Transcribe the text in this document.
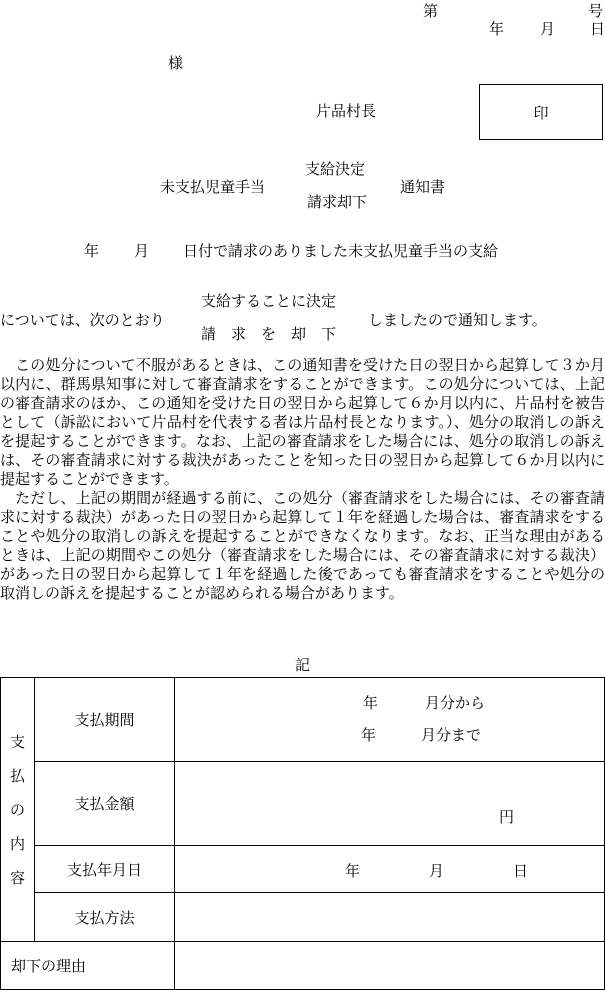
第	号
年 月 日
様
片品村長	印
未支払児童手当
支給決定
請求却下
通知書
年 月 日付で請求のありました未支払児童手当の支給
については、次のとおり
支給することに決定
請　求　を　却　下
しましたので通知します。

　この処分について不服があるときは、この通知書を受けた日の翌日から起算して３か月以内に、群馬県知事に対して審査請求をすることができます。この処分については、上記の審査請求のほか、この通知を受けた日の翌日から起算して６か月以内に、片品村を被告として（訴訟において片品村を代表する者は片品村長となります。）、処分の取消しの訴えを提起することができます。なお、上記の審査請求をした場合には、処分の取消しの訴えは、その審査請求に対する裁決があったことを知った日の翌日から起算して６か月以内に提起することができます。

　ただし、上記の期間が経過する前に、この処分（審査請求をした場合には、その審査請求に対する裁決）があった日の翌日から起算して１年を経過した場合は、審査請求をすることや処分の取消しの訴えを提起することができなくなります。なお、正当な理由があるときは、上記の期間やこの処分（審査請求をした場合には、その審査請求に対する裁決）があった日の翌日から起算して１年を経過した後であっても審査請求をすることや処分の取消しの訴えを提起することが認められる場合があります。

記
支
払
の
内
容	支払期間	年 月分から
年 月分まで

	支払金額	円

	支払年月日	年 月 日

	支払方法	
却下の理由		
